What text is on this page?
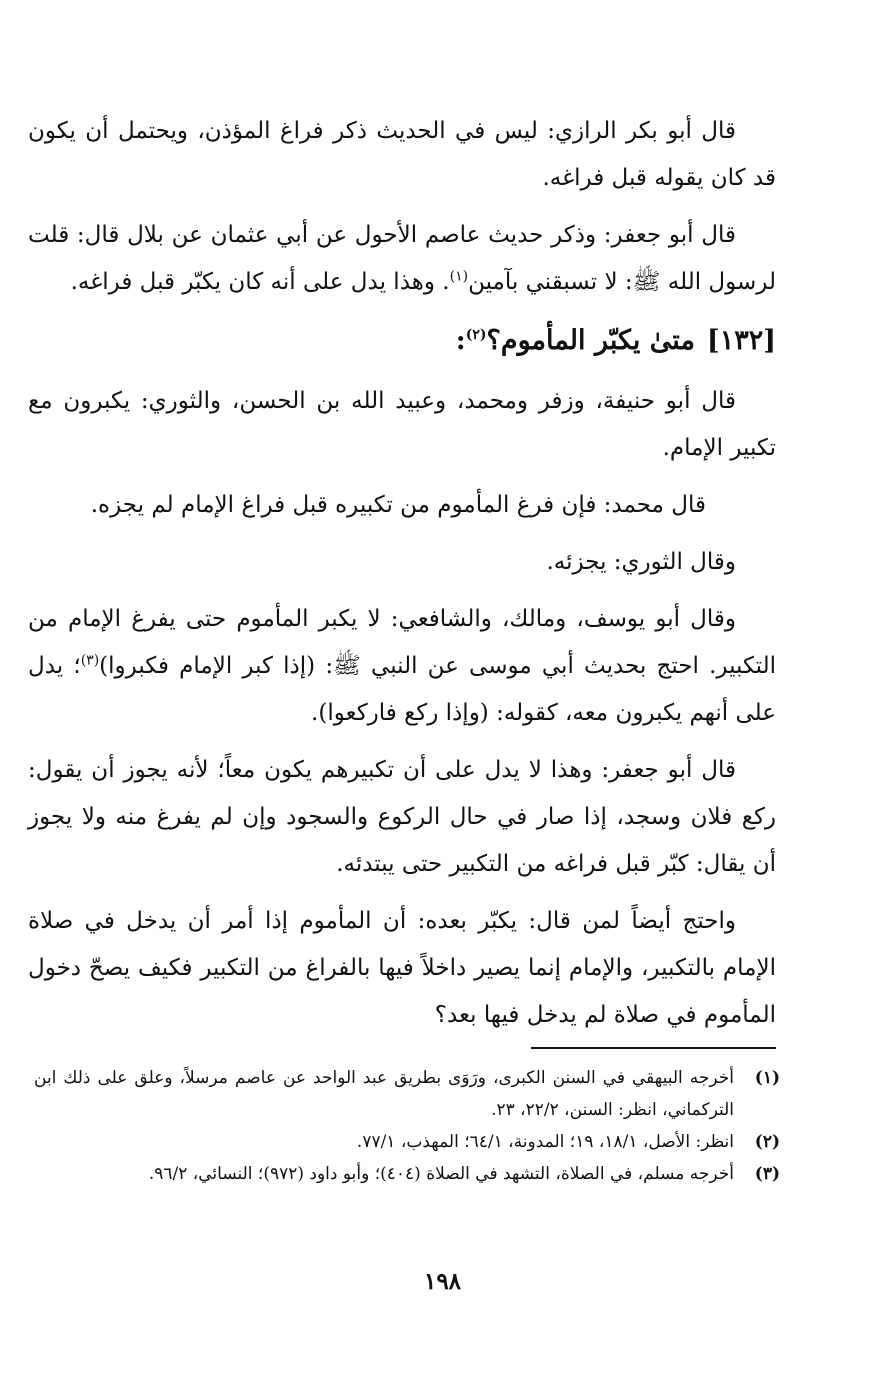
قال أبو بكر الرازي: ليس في الحديث ذكر فراغ المؤذن، ويحتمل أن يكون قد كان يقوله قبل فراغه.

قال أبو جعفر: وذكر حديث عاصم الأحول عن أبي عثمان عن بلال قال: قلت لرسول الله ﷺ: لا تسبقني بآمين$^{(١)}$. وهذا يدل على أنه كان يكبّر قبل فراغه.

[١٣٢]متىٰ يكبّر المأموم؟$^{(٢)}$:

قال أبو حنيفة، وزفر ومحمد، وعبيد الله بن الحسن، والثوري: يكبرون مع تكبير الإمام.

قال محمد: فإن فرغ المأموم من تكبيره قبل فراغ الإمام لم يجزه.

وقال الثوري: يجزئه.

وقال أبو يوسف، ومالك، والشافعي: لا يكبر المأموم حتى يفرغ الإمام من التكبير. احتج بحديث أبي موسى عن النبي ﷺ: (إذا كبر الإمام فكبروا)$^{(٣)}$؛ يدل على أنهم يكبرون معه، كقوله: (وإذا ركع فاركعوا).

قال أبو جعفر: وهذا لا يدل على أن تكبيرهم يكون معاً؛ لأنه يجوز أن يقول: ركع فلان وسجد، إذا صار في حال الركوع والسجود وإن لم يفرغ منه ولا يجوز أن يقال: كبّر قبل فراغه من التكبير حتى يبتدئه.

واحتج أيضاً لمن قال: يكبّر بعده: أن المأموم إذا أمر أن يدخل في صلاة الإمام بالتكبير، والإمام إنما يصير داخلاً فيها بالفراغ من التكبير فكيف يصحّ دخول المأموم في صلاة لم يدخل فيها بعد؟

(١)
أخرجه البيهقي في السنن الكبرى، ورَوَى بطريق عبد الواحد عن عاصم مرسلاً، وعلق على ذلك ابن التركماني، انظر: السنن، ٢٢/٢، ٢٣.
(٢)
انظر: الأصل، ١٨/١، ١٩؛ المدونة، ٦٤/١؛ المهذب، ٧٧/١.
(٣)
أخرجه مسلم، في الصلاة، التشهد في الصلاة (٤٠٤)؛ وأبو داود (٩٧٢)؛ النسائي، ٩٦/٢.
١٩٨
